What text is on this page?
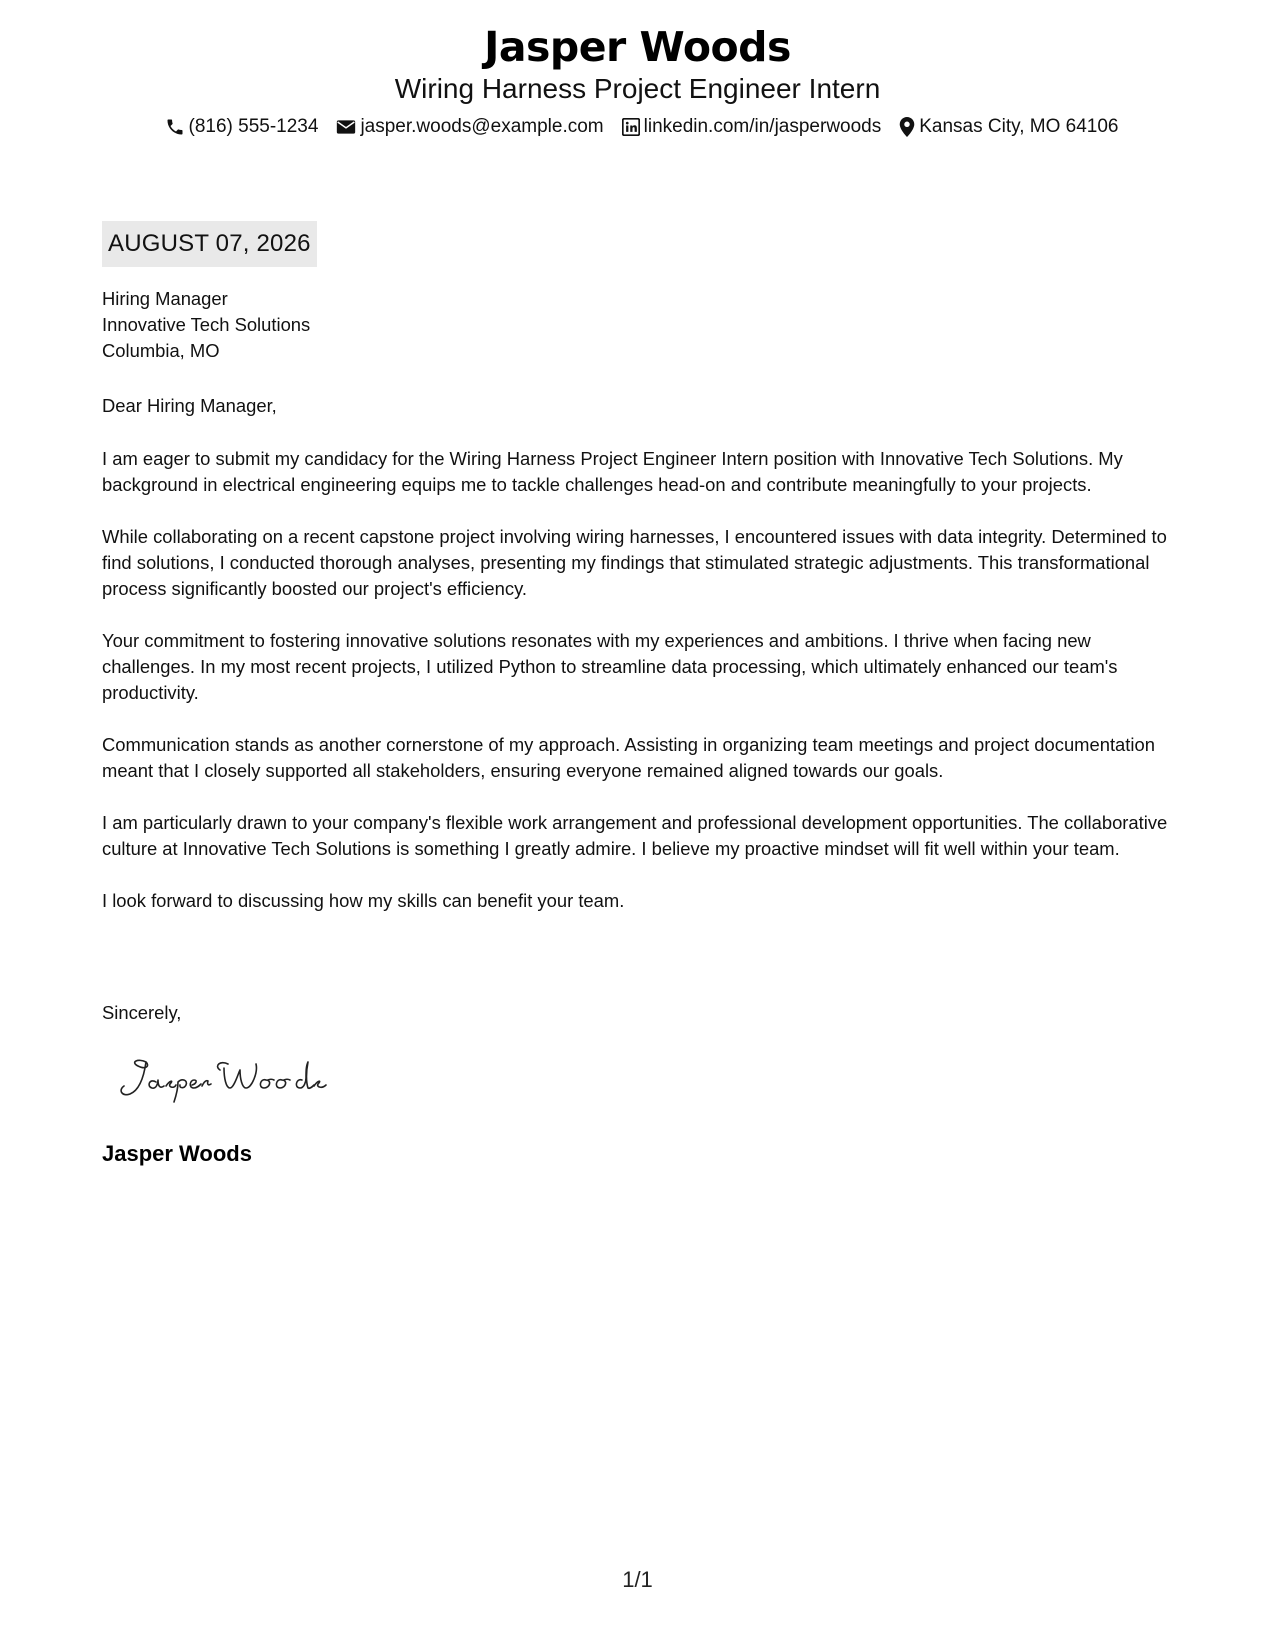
Jasper Woods
Wiring Harness Project Engineer Intern
(816) 555-1234 jasper.woods@example.com linkedin.com/in/jasperwoods Kansas City, MO 64106
AUGUST 07, 2026
Hiring Manager
Innovative Tech Solutions
Columbia, MO
Dear Hiring Manager,

I am eager to submit my candidacy for the Wiring Harness Project Engineer Intern position with Innovative Tech Solutions. My background in electrical engineering equips me to tackle challenges head-on and contribute meaningfully to your projects.

While collaborating on a recent capstone project involving wiring harnesses, I encountered issues with data integrity. Determined to find solutions, I conducted thorough analyses, presenting my findings that stimulated strategic adjustments. This transformational process significantly boosted our project's efficiency.

Your commitment to fostering innovative solutions resonates with my experiences and ambitions. I thrive when facing new challenges. In my most recent projects, I utilized Python to streamline data processing, which ultimately enhanced our team's productivity.

Communication stands as another cornerstone of my approach. Assisting in organizing team meetings and project documentation meant that I closely supported all stakeholders, ensuring everyone remained aligned towards our goals.

I am particularly drawn to your company's flexible work arrangement and professional development opportunities. The collaborative culture at Innovative Tech Solutions is something I greatly admire. I believe my proactive mindset will fit well within your team.

I look forward to discussing how my skills can benefit your team.

Sincerely,
Jasper Woods
1/1
